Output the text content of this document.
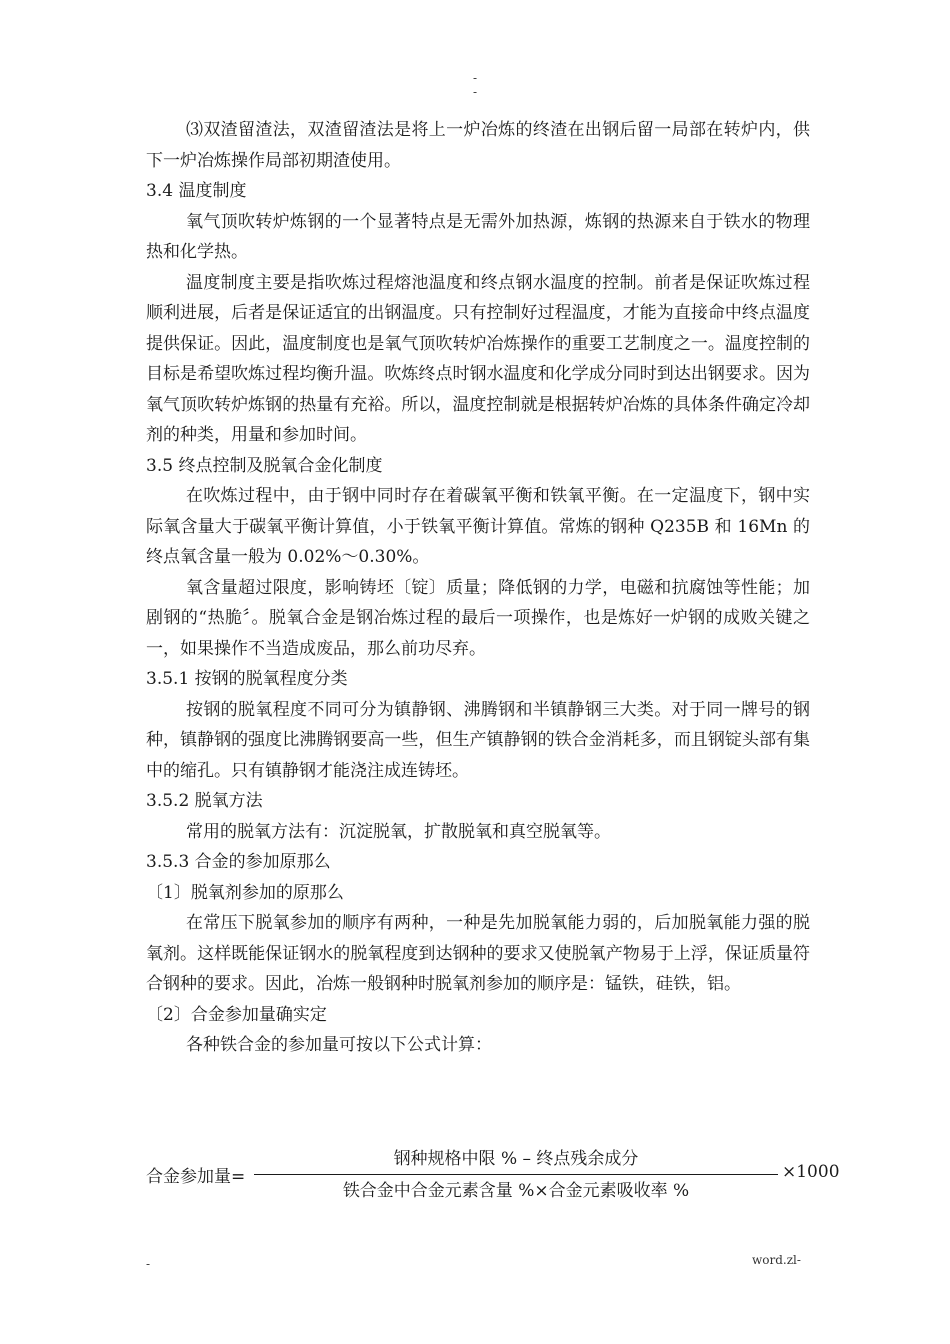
-
-

⑶双渣留渣法，双渣留渣法是将上一炉冶炼的终渣在出钢后留一局部在转炉内，供下一炉冶炼操作局部初期渣使用。

3.4 温度制度

氧气顶吹转炉炼钢的一个显著特点是无需外加热源，炼钢的热源来自于铁水的物理热和化学热。

温度制度主要是指吹炼过程熔池温度和终点钢水温度的控制。前者是保证吹炼过程顺利进展，后者是保证适宜的出钢温度。只有控制好过程温度，才能为直接命中终点温度提供保证。因此，温度制度也是氧气顶吹转炉冶炼操作的重要工艺制度之一。温度控制的目标是希望吹炼过程均衡升温。吹炼终点时钢水温度和化学成分同时到达出钢要求。因为氧气顶吹转炉炼钢的热量有充裕。所以，温度控制就是根据转炉冶炼的具体条件确定冷却剂的种类，用量和参加时间。

3.5 终点控制及脱氧合金化制度

在吹炼过程中，由于钢中同时存在着碳氧平衡和铁氧平衡。在一定温度下，钢中实际氧含量大于碳氧平衡计算值，小于铁氧平衡计算值。常炼的钢种 Q235B 和 16Mn 的终点氧含量一般为 0.02%～0.30%。

氧含量超过限度，影响铸坯〔锭〕质量；降低钢的力学，电磁和抗腐蚀等性能；加剧钢的“热脆〞。脱氧合金是钢冶炼过程的最后一项操作，也是炼好一炉钢的成败关键之一，如果操作不当造成废品，那么前功尽弃。

3.5.1 按钢的脱氧程度分类

按钢的脱氧程度不同可分为镇静钢、沸腾钢和半镇静钢三大类。对于同一牌号的钢种，镇静钢的强度比沸腾钢要高一些，但生产镇静钢的铁合金消耗多，而且钢锭头部有集中的缩孔。只有镇静钢才能浇注成连铸坯。

3.5.2 脱氧方法

常用的脱氧方法有：沉淀脱氧，扩散脱氧和真空脱氧等。

3.5.3 合金的参加原那么

〔1〕脱氧剂参加的原那么

在常压下脱氧参加的顺序有两种，一种是先加脱氧能力弱的，后加脱氧能力强的脱氧剂。这样既能保证钢水的脱氧程度到达钢种的要求又使脱氧产物易于上浮，保证质量符合钢种的要求。因此，冶炼一般钢种时脱氧剂参加的顺序是：锰铁，硅铁，铝。

〔2〕合金参加量确实定

各种铁合金的参加量可按以下公式计算：

合金参加量=
钢种规格中限 % – 终点残余成分
铁合金中合金元素含量 %×合金元素吸收率 %
×1000
-	word.zl-
